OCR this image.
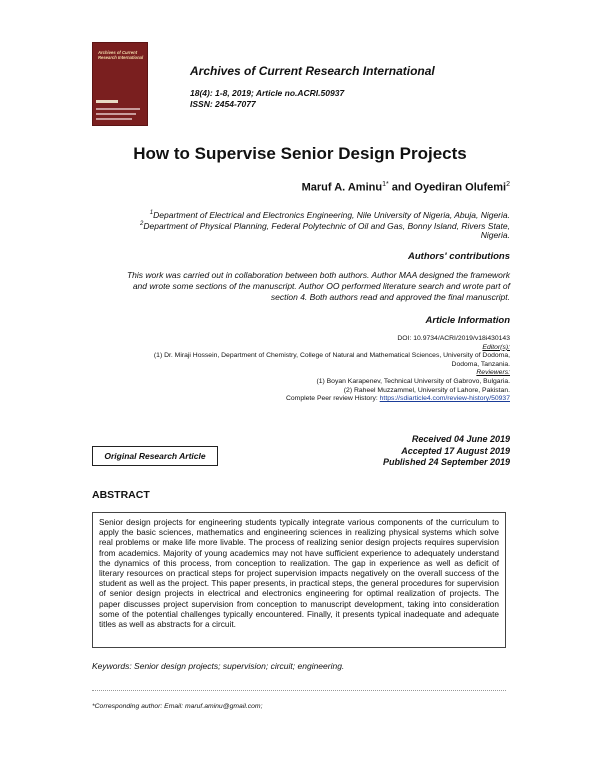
Archives of Current Research International
Archives of Current Research International
18(4): 1-8, 2019; Article no.ACRI.50937
ISSN: 2454-7077
How to Supervise Senior Design Projects
Maruf A. Aminu$^{1*}$ and Oyediran Olufemi$^2$
$^1$Department of Electrical and Electronics Engineering, Nile University of Nigeria, Abuja, Nigeria.
$^2$Department of Physical Planning, Federal Polytechnic of Oil and Gas, Bonny Island, Rivers State,
Nigeria.
Authors' contributions
This work was carried out in collaboration between both authors. Author MAA designed the framework
and wrote some sections of the manuscript. Author OO performed literature search and wrote part of
section 4. Both authors read and approved the final manuscript.
Article Information
DOI: 10.9734/ACRI/2019/v18i430143
Editor(s):
(1) Dr. Miraji Hossein, Department of Chemistry, College of Natural and Mathematical Sciences, University of Dodoma,
Dodoma, Tanzania.
Reviewers:
(1) Boyan Karapenev, Technical University of Gabrovo, Bulgaria.
(2) Raheel Muzzammel, University of Lahore, Pakistan.
Complete Peer review History: https://sdiarticle4.com/review-history/50937
Original Research Article
Received 04 June 2019
Accepted 17 August 2019
Published 24 September 2019
ABSTRACT
Senior design projects for engineering students typically integrate various components of the curriculum to apply the basic sciences, mathematics and engineering sciences in realizing physical systems which solve real problems or make life more livable. The process of realizing senior design projects requires supervision from academics. Majority of young academics may not have sufficient experience to adequately understand the dynamics of this process, from conception to realization. The gap in experience as well as deficit of literary resources on practical steps for project supervision impacts negatively on the overall success of the student as well as the project. This paper presents, in practical steps, the general procedures for supervision of senior design projects in electrical and electronics engineering for optimal realization of projects. The paper discusses project supervision from conception to manuscript development, taking into consideration some of the potential challenges typically encountered. Finally, it presents typical inadequate and adequate titles as well as abstracts for a circuit.
Keywords: Senior design projects; supervision; circuit; engineering.
*Corresponding author: Email: maruf.aminu@gmail.com;
